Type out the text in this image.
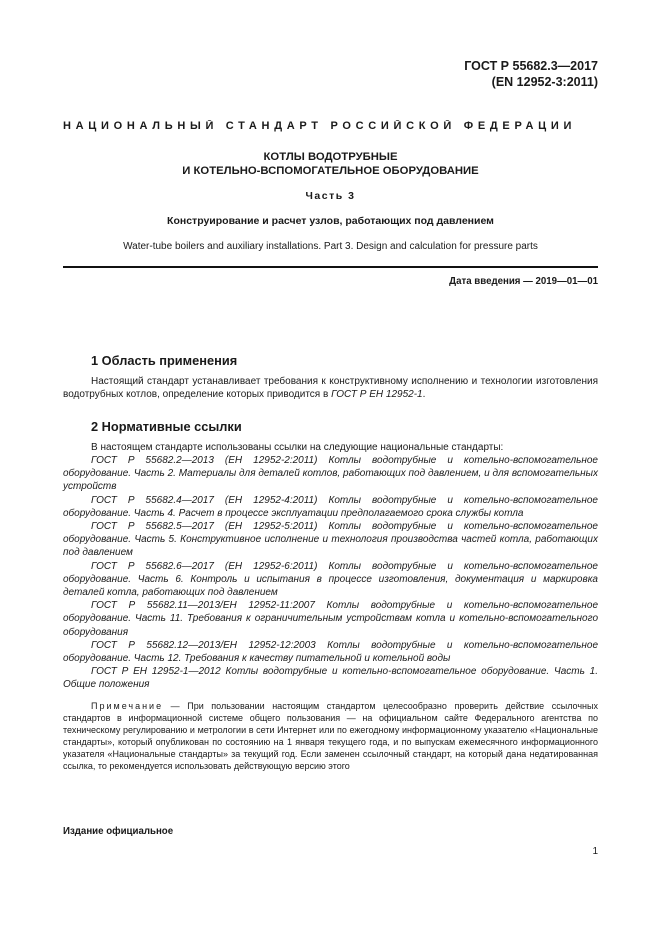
ГОСТ Р 55682.3—2017
(EN 12952-3:2011)
НАЦИОНАЛЬНЫЙ СТАНДАРТ РОССИЙСКОЙ ФЕДЕРАЦИИ
КОТЛЫ ВОДОТРУБНЫЕ
И КОТЕЛЬНО-ВСПОМОГАТЕЛЬНОЕ ОБОРУДОВАНИЕ
Часть 3
Конструирование и расчет узлов, работающих под давлением
Water-tube boilers and auxiliary installations. Part 3. Design and calculation for pressure parts
Дата введения — 2019—01—01
1 Область применения

Настоящий стандарт устанавливает требования к конструктивному исполнению и технологии изготовления водотрубных котлов, определение которых приводится в ГОСТ Р ЕН 12952-1.

2 Нормативные ссылки

В настоящем стандарте использованы ссылки на следующие национальные стандарты:

ГОСТ Р 55682.2—2013 (ЕН 12952-2:2011) Котлы водотрубные и котельно-вспомогательное оборудование. Часть 2. Материалы для деталей котлов, работающих под давлением, и для вспомогательных устройств

ГОСТ Р 55682.4—2017 (ЕН 12952-4:2011) Котлы водотрубные и котельно-вспомогательное оборудование. Часть 4. Расчет в процессе эксплуатации предполагаемого срока службы котла

ГОСТ Р 55682.5—2017 (ЕН 12952-5:2011) Котлы водотрубные и котельно-вспомогательное оборудование. Часть 5. Конструктивное исполнение и технология производства частей котла, работающих под давлением

ГОСТ Р 55682.6—2017 (ЕН 12952-6:2011) Котлы водотрубные и котельно-вспомогательное оборудование. Часть 6. Контроль и испытания в процессе изготовления, документация и маркировка деталей котла, работающих под давлением

ГОСТ Р 55682.11—2013/ЕН 12952-11:2007 Котлы водотрубные и котельно-вспомогательное оборудование. Часть 11. Требования к ограничительным устройствам котла и котельно-вспомогательного оборудования

ГОСТ Р 55682.12—2013/ЕН 12952-12:2003 Котлы водотрубные и котельно-вспомогательное оборудование. Часть 12. Требования к качеству питательной и котельной воды

ГОСТ Р ЕН 12952-1—2012 Котлы водотрубные и котельно-вспомогательное оборудование. Часть 1. Общие положения

Примечание — При пользовании настоящим стандартом целесообразно проверить действие ссылочных стандартов в информационной системе общего пользования — на официальном сайте Федерального агентства по техническому регулированию и метрологии в сети Интернет или по ежегодному информационному указателю «Национальные стандарты», который опубликован по состоянию на 1 января текущего года, и по выпускам ежемесячного информационного указателя «Национальные стандарты» за текущий год. Если заменен ссылочный стандарт, на который дана недатированная ссылка, то рекомендуется использовать действующую версию этого

Издание официальное
1
